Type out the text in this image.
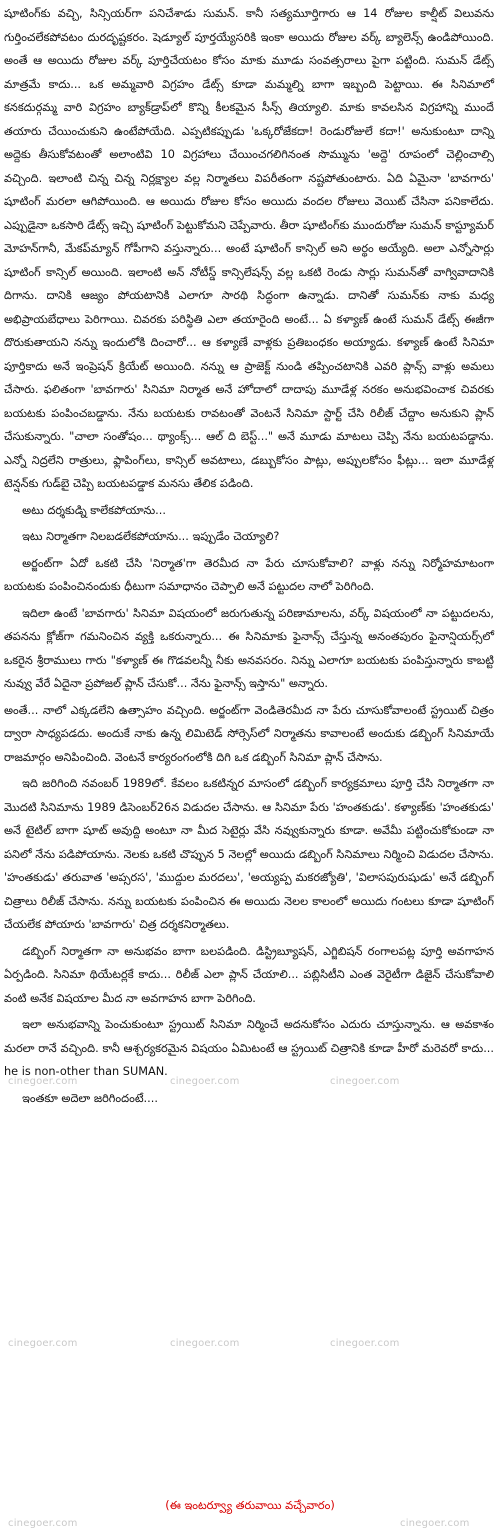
cinegoer.com	cinegoer.com	cinegoer.com
cinegoer.com	cinegoer.com	cinegoer.com
cinegoer.com	cinegoer.com

షూటింగ్‌కు వచ్చి, సిన్సియర్‌గా పనిచేశాడు సుమన్. కానీ సత్యమూర్తిగారు ఆ 14 రోజుల కాల్షీట్ విలువను గుర్తించలేకపోవటం దురదృష్టకరం. షెడ్యూల్ పూర్తయ్యేసరికి ఇంకా అయిదు రోజుల వర్క్ బ్యాలెన్స్ ఉండిపోయింది. అంతే ఆ అయిదు రోజుల వర్క్ పూర్తిచేయటం కోసం మాకు మూడు సంవత్సరాలు పైగా పట్టింది. సుమన్ డేట్స్ మాత్రమే కాదు... ఒక అమ్మవారి విగ్రహం డేట్స్ కూడా మమ్మల్ని బాగా ఇబ్బంది పెట్టాయి. ఈ సినిమాలో కనకదుర్గమ్మ వారి విగ్రహం బ్యాక్‌డ్రాప్‌లో కొన్ని కీలకమైన సీన్స్ తియ్యాలి. మాకు కావలసిన విగ్రహాన్ని ముందే తయారు చేయించుకుని ఉంటేపోయేది. ఎప్పటికప్పుడు 'ఒక్కరోజేకదా! రెండురోజులే కదా!' అనుకుంటూ దాన్ని అద్దెకు తీసుకోవటంతో అలాంటివి 10 విగ్రహాలు చేయించగలిగినంత సొమ్మును 'అద్దె' రూపంలో చెల్లించాల్సి వచ్చింది. ఇలాంటి చిన్న చిన్న నిర్లక్ష్యాల వల్ల నిర్మాతలు విపరీతంగా నష్టపోతుంటారు. ఏది ఏమైనా 'బావగారు' షూటింగ్ మరలా ఆగిపోయింది. ఆ అయిదు రోజుల కోసం అయిదు వందల రోజులు వెయిట్ చేసినా పనికాలేదు. ఎప్పుడైనా ఒకసారి డేట్స్ ఇచ్చి షూటింగ్ పెట్టుకోమని చెప్పేవారు. తీరా షూటింగ్‌కు ముందురోజు సుమన్ కాస్ట్యూమర్ మోహన్‌గానీ, మేకప్‌మ్యాన్ గోపీగాని వస్తున్నారు... అంటే షూటింగ్ కాన్సిల్ అని అర్థం అయ్యేది. అలా ఎన్నోసార్లు షూటింగ్ కాన్సిల్ అయింది. ఇలాంటి అన్ నోటీస్డ్ కాన్సిలేషన్స్ వల్ల ఒకటి రెండు సార్లు సుమన్‌తో వాగ్వివాదానికి దిగాను. దానికి ఆజ్యం పోయటానికి ఎలాగూ సారథి సిద్ధంగా ఉన్నాడు. దానితో సుమన్‌కు నాకు మధ్య అభిప్రాయబేధాలు పెరిగాయి. చివరకు పరిస్థితి ఎలా తయారైంది అంటే... ఏ కళ్యాణ్ ఉంటే సుమన్ డేట్స్ ఈజీగా దొరుకుతాయని నన్ను ఇందులోకి దించారో... ఆ కళ్యాణే వాళ్లకు ప్రతిబంధకం అయ్యాడు. కళ్యాణ్ ఉంటే సినిమా పూర్తికాదు అనే ఇంప్రెషన్ క్రియేట్ అయింది. నన్ను ఆ ప్రాజెక్ట్ నుండి తప్పించటానికి ఎవరి ప్లాన్స్ వాళ్లు అమలు చేసారు. ఫలితంగా 'బావగారు' సినిమా నిర్మాత అనే హోదాలో దాదాపు మూడేళ్ల నరకం అనుభవించాక చివరకు బయటకు పంపించబడ్డాను. నేను బయటకు రావటంతో వెంటనే సినిమా స్టార్ట్ చేసి రిలీజ్ చేద్దాం అనుకుని ప్లాన్ చేసుకున్నారు. "చాలా సంతోషం... థ్యాంక్స్... ఆల్ ది బెస్ట్..." అనే మూడు మాటలు చెప్పి నేను బయటపడ్డాను. ఎన్నో నిద్రలేని రాత్రులు, ఫ్లాపింగ్‌లు, కాన్సిల్ అవటాలు, డబ్బుకోసం పాట్లు, అప్పులకోసం ఫీట్లు... ఇలా మూడేళ్ల టెన్షన్‌కు గుడ్‌బై చెప్పి బయటపడ్డాక మనసు తేలిక పడింది.

అటు దర్శకుడ్ని కాలేకపోయాను...

ఇటు నిర్మాతగా నిలబడలేకపోయాను... ఇప్పుడేం చెయ్యాలి?

అర్జంట్‌గా ఏదో ఒకటి చేసి 'నిర్మాత'గా తెరమీద నా పేరు చూసుకోవాలి? వాళ్లు నన్ను నిర్మోహమాటంగా బయటకు పంపించినందుకు ధీటుగా సమాధానం చెప్పాలి అనే పట్టుదల నాలో పెరిగింది.

ఇదిలా ఉంటే 'బావగారు' సినిమా విషయంలో జరుగుతున్న పరిణామాలను, వర్క్ విషయంలో నా పట్టుదలను, తపనను క్లోజ్‌గా గమనించిన వ్యక్తి ఒకరున్నారు... ఈ సినిమాకు ఫైనాన్స్ చేస్తున్న అనంతపురం ఫైనాన్షియర్స్‌లో ఒకరైన శ్రీరాములు గారు "కళ్యాణ్ ఈ గొడవలన్నీ నీకు అనవసరం. నిన్ను ఎలాగూ బయటకు పంపిస్తున్నారు కాబట్టి నువ్వు వేరే ఏదైనా ప్రపోజల్ ప్లాన్ చేసుకో... నేను ఫైనాన్స్ ఇస్తాను" అన్నారు.

అంతే... నాలో ఎక్కడలేని ఉత్సాహం వచ్చింది. అర్జంట్‌గా వెండితెరమీద నా పేరు చూసుకోవాలంటే స్ట్రయిట్ చిత్రం ద్వారా సాధ్యపడదు. అందుకే నాకు ఉన్న లిమిటెడ్ సోర్సెస్‌లో నిర్మాతను కావాలంటే అందుకు డబ్బింగ్ సినిమాయే రాజమార్గం అనిపించింది. వెంటనే కార్యరంగంలోకి దిగి ఒక డబ్బింగ్ సినిమా ప్లాన్ చేసాను.

ఇది జరిగింది నవంబర్ 1989లో. కేవలం ఒకటిన్నర మాసంలో డబ్బింగ్ కార్యక్రమాలు పూర్తి చేసి నిర్మాతగా నా మొదటి సినిమాను 1989 డిసెంబర్26న విడుదల చేసాను. ఆ సినిమా పేరు 'హంతకుడు'. కళ్యాణ్‌కు 'హంతకుడు' అనే టైటిల్ బాగా షూట్ అవుద్ది అంటూ నా మీద సెటైర్లు వేసి నవ్వుకున్నారు కూడా. అవేమీ పట్టించుకోకుండా నా పనిలో నేను పడిపోయాను. నెలకు ఒకటి చొప్పున 5 నెలల్లో అయిదు డబ్బింగ్ సినిమాలు నిర్మించి విడుదల చేసాను. 'హంతకుడు' తరువాత 'అప్సరస', 'ముద్దుల మరదలు', 'అయ్యప్ప మకరజ్యోతి', 'విలాసపురుషుడు' అనే డబ్బింగ్ చిత్రాలు రిలీజ్ చేసాను. నన్ను బయటకు పంపించిన ఈ అయిదు నెలల కాలంలో అయిదు గంటలు కూడా షూటింగ్ చేయలేక పోయారు 'బావగారు' చిత్ర దర్శకనిర్మాతలు.

డబ్బింగ్ నిర్మాతగా నా అనుభవం బాగా బలపడింది. డిస్ట్రిబ్యూషన్, ఎగ్జిబిషన్ రంగాలపట్ల పూర్తి అవగాహన ఏర్పడింది. సినిమా థియేటర్లకే కాదు... రిలీజ్ ఎలా ప్లాన్ చేయాలి... పబ్లిసిటీని ఎంత వెరైటీగా డిజైన్ చేసుకోవాలి వంటి అనేక విషయాల మీద నా అవగాహన బాగా పెరిగింది.

ఇలా అనుభవాన్ని పెంచుకుంటూ స్ట్రయిట్ సినిమా నిర్మించే అదనుకోసం ఎదురు చూస్తున్నాను. ఆ అవకాశం మరలా రానే వచ్చింది. కానీ ఆశ్చర్యకరమైన విషయం ఏమిటంటే ఆ స్ట్రయిట్ చిత్రానికి కూడా హీరో మరెవరో కాదు... he is non-other than SUMAN.

ఇంతకూ అదెలా జరిగిందంటే....

(ఈ ఇంటర్వ్యూ తరువాయి వచ్చేవారం)
